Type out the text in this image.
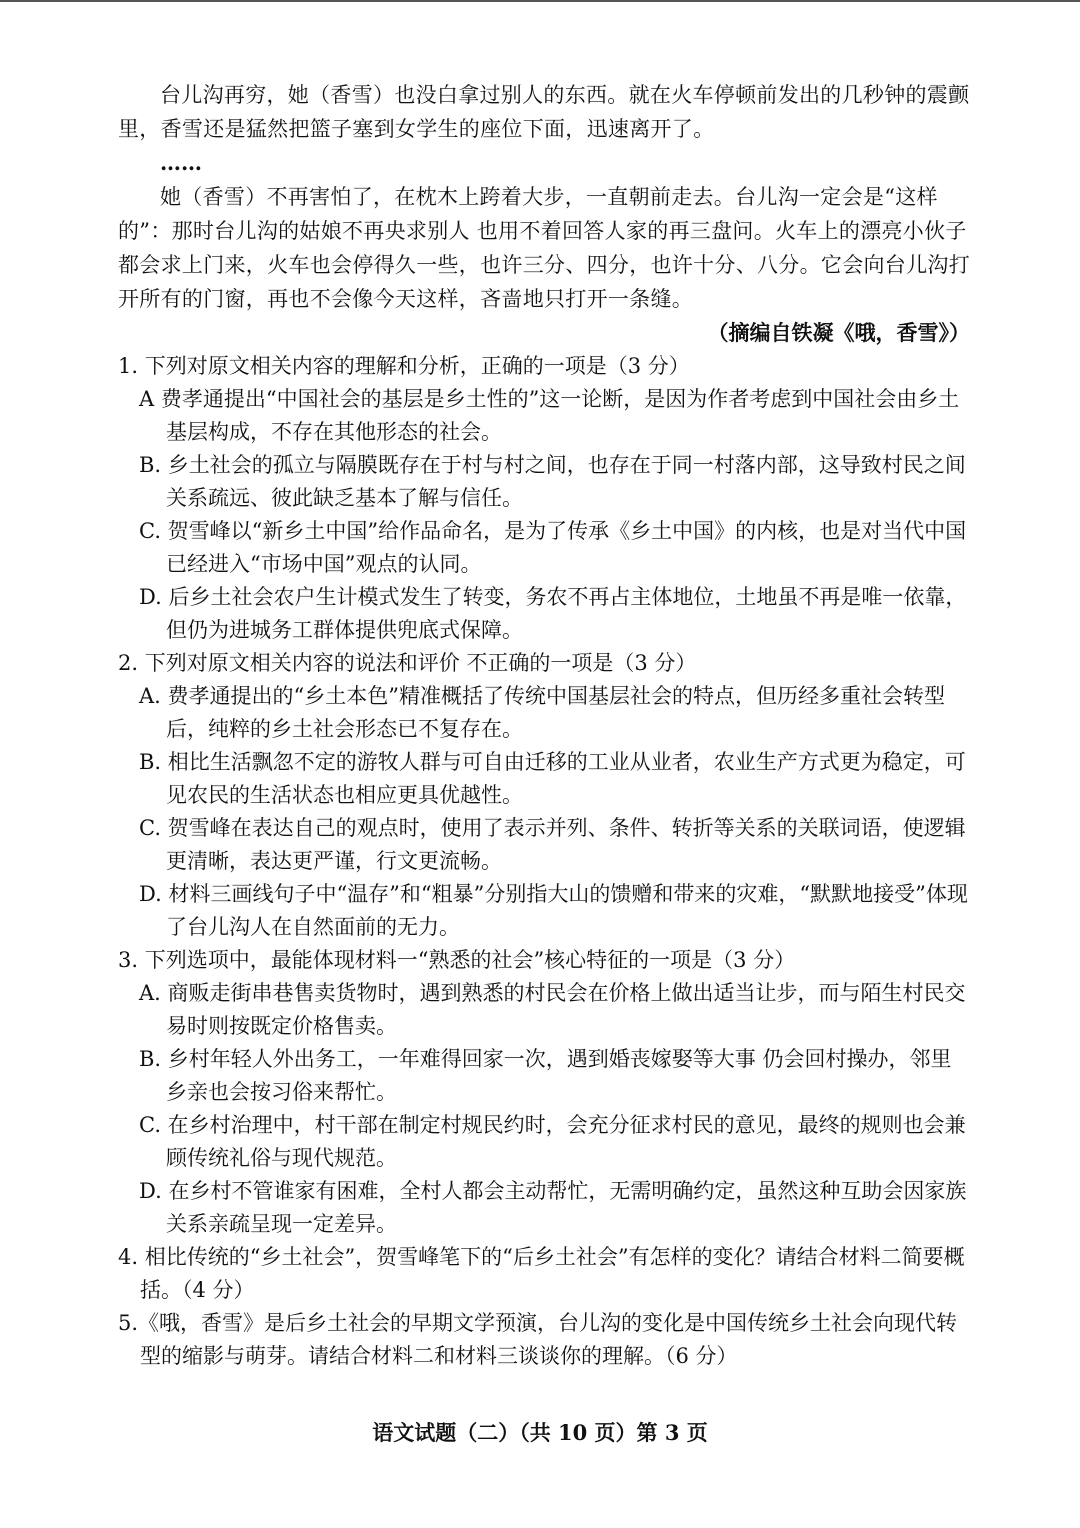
台儿沟再穷，她（香雪）也没白拿过别人的东西。就在火车停顿前发出的几秒钟的震颤里，香雪还是猛然把篮子塞到女学生的座位下面，迅速离开了。

……

她（香雪）不再害怕了，在枕木上跨着大步，一直朝前走去。台儿沟一定会是“这样的”：那时台儿沟的姑娘不再央求别人 也用不着回答人家的再三盘问。火车上的漂亮小伙子都会求上门来，火车也会停得久一些，也许三分、四分，也许十分、八分。它会向台儿沟打开所有的门窗，再也不会像今天这样，吝啬地只打开一条缝。

（摘编自铁凝《哦，香雪》）

1. 下列对原文相关内容的理解和分析，正确的一项是（3 分）

A 费孝通提出“中国社会的基层是乡土性的”这一论断，是因为作者考虑到中国社会由乡土基层构成，不存在其他形态的社会。

B. 乡土社会的孤立与隔膜既存在于村与村之间，也存在于同一村落内部，这导致村民之间关系疏远、彼此缺乏基本了解与信任。

C. 贺雪峰以“新乡土中国”给作品命名，是为了传承《乡土中国》的内核，也是对当代中国已经进入“市场中国”观点的认同。

D. 后乡土社会农户生计模式发生了转变，务农不再占主体地位，土地虽不再是唯一依靠，但仍为进城务工群体提供兜底式保障。

2. 下列对原文相关内容的说法和评价 不正确的一项是（3 分）

A. 费孝通提出的“乡土本色”精准概括了传统中国基层社会的特点，但历经多重社会转型后，纯粹的乡土社会形态已不复存在。

B. 相比生活飘忽不定的游牧人群与可自由迁移的工业从业者，农业生产方式更为稳定，可见农民的生活状态也相应更具优越性。

C. 贺雪峰在表达自己的观点时，使用了表示并列、条件、转折等关系的关联词语，使逻辑更清晰，表达更严谨，行文更流畅。

D. 材料三画线句子中“温存”和“粗暴”分别指大山的馈赠和带来的灾难，“默默地接受”体现了台儿沟人在自然面前的无力。

3. 下列选项中，最能体现材料一“熟悉的社会”核心特征的一项是（3 分）

A. 商贩走街串巷售卖货物时，遇到熟悉的村民会在价格上做出适当让步，而与陌生村民交易时则按既定价格售卖。

B. 乡村年轻人外出务工，一年难得回家一次，遇到婚丧嫁娶等大事 仍会回村操办，邻里乡亲也会按习俗来帮忙。

C. 在乡村治理中，村干部在制定村规民约时，会充分征求村民的意见，最终的规则也会兼顾传统礼俗与现代规范。

D. 在乡村不管谁家有困难，全村人都会主动帮忙，无需明确约定，虽然这种互助会因家族关系亲疏呈现一定差异。

4. 相比传统的“乡土社会”，贺雪峰笔下的“后乡土社会”有怎样的变化？请结合材料二简要概括。（4 分）

5.《哦，香雪》是后乡土社会的早期文学预演，台儿沟的变化是中国传统乡土社会向现代转型的缩影与萌芽。请结合材料二和材料三谈谈你的理解。（6 分）

语文试题（二）（共 10 页）第 3 页
